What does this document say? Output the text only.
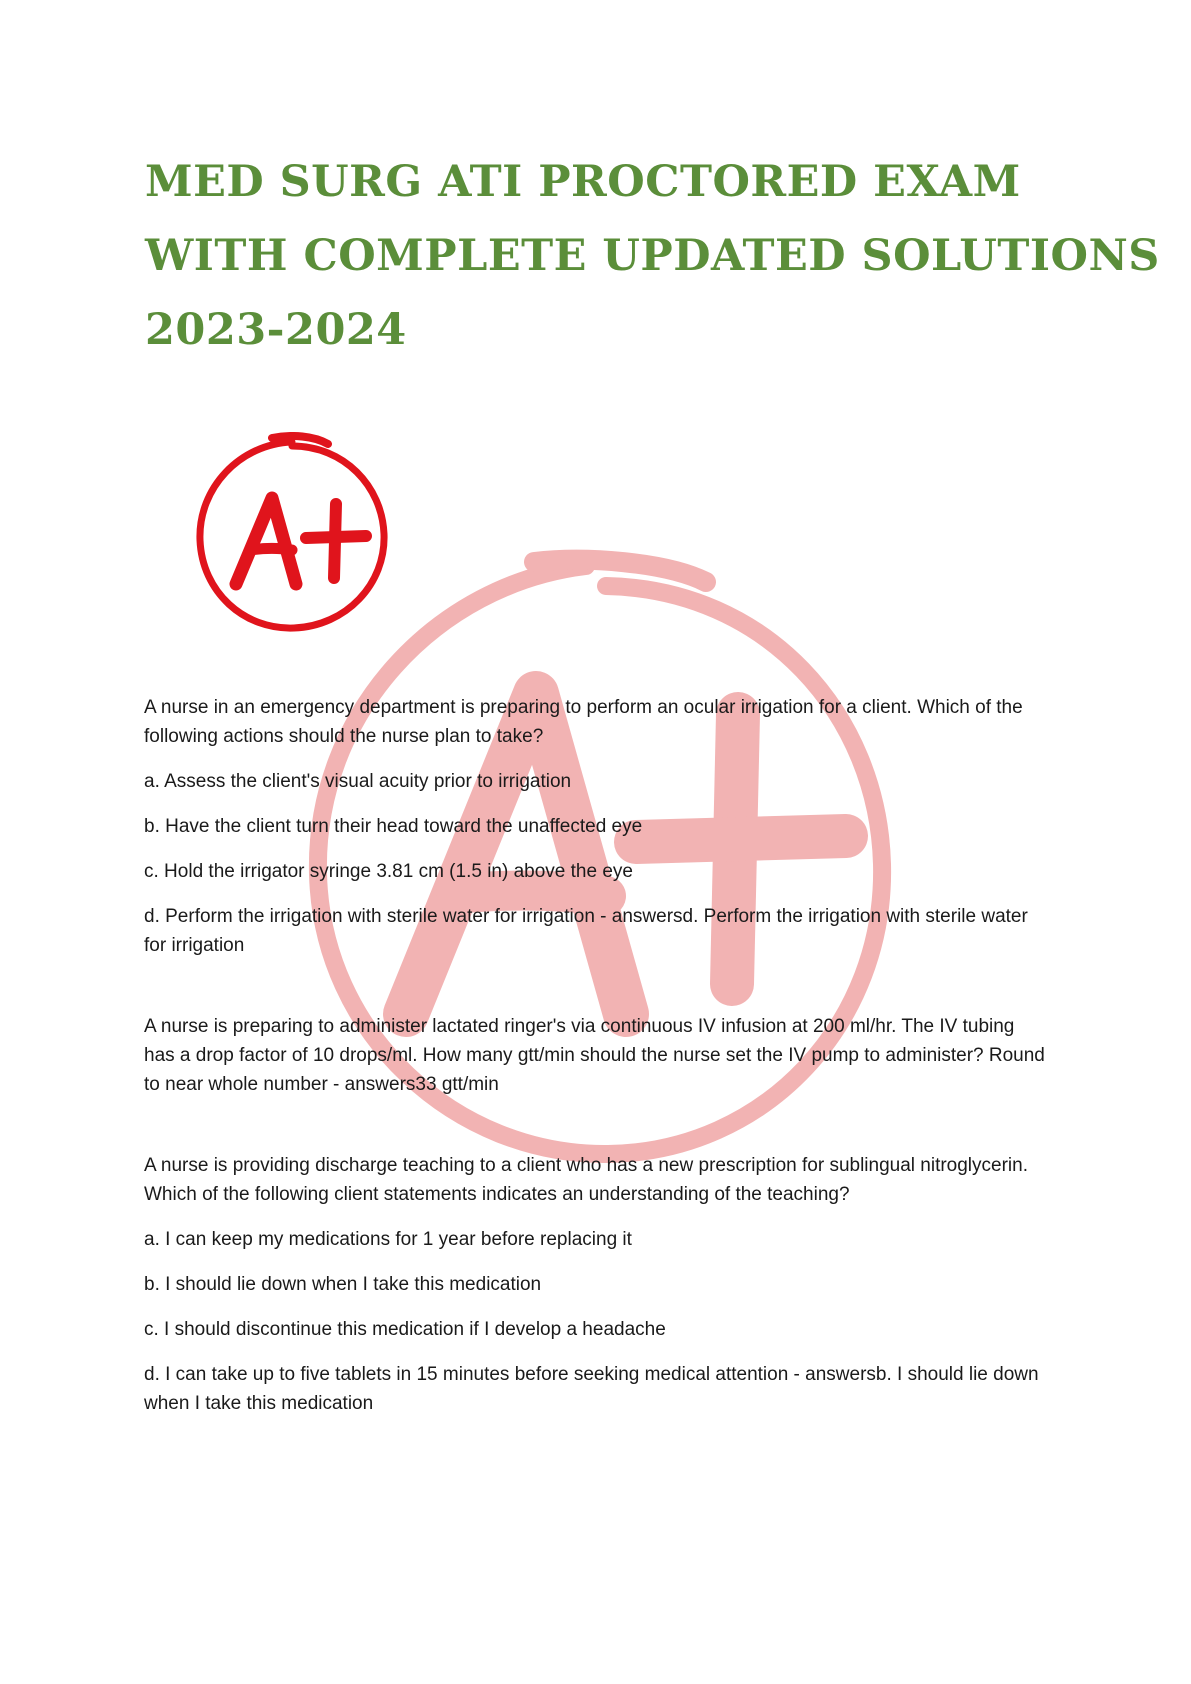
MED SURG ATI PROCTORED EXAM
WITH COMPLETE UPDATED SOLUTIONS
2023-2024

A nurse in an emergency department is preparing to perform an ocular irrigation for a client. Which of the following actions should the nurse plan to take?

a. Assess the client's visual acuity prior to irrigation

b. Have the client turn their head toward the unaffected eye

c. Hold the irrigator syringe 3.81 cm (1.5 in) above the eye

d. Perform the irrigation with sterile water for irrigation - answersd. Perform the irrigation with sterile water for irrigation

A nurse is preparing to administer lactated ringer's via continuous IV infusion at 200 ml/hr. The IV tubing has a drop factor of 10 drops/ml. How many gtt/min should the nurse set the IV pump to administer? Round to near whole number - answers33 gtt/min

A nurse is providing discharge teaching to a client who has a new prescription for sublingual nitroglycerin. Which of the following client statements indicates an understanding of the teaching?

a. I can keep my medications for 1 year before replacing it

b. I should lie down when I take this medication

c. I should discontinue this medication if I develop a headache

d. I can take up to five tablets in 15 minutes before seeking medical attention - answersb. I should lie down when I take this medication
